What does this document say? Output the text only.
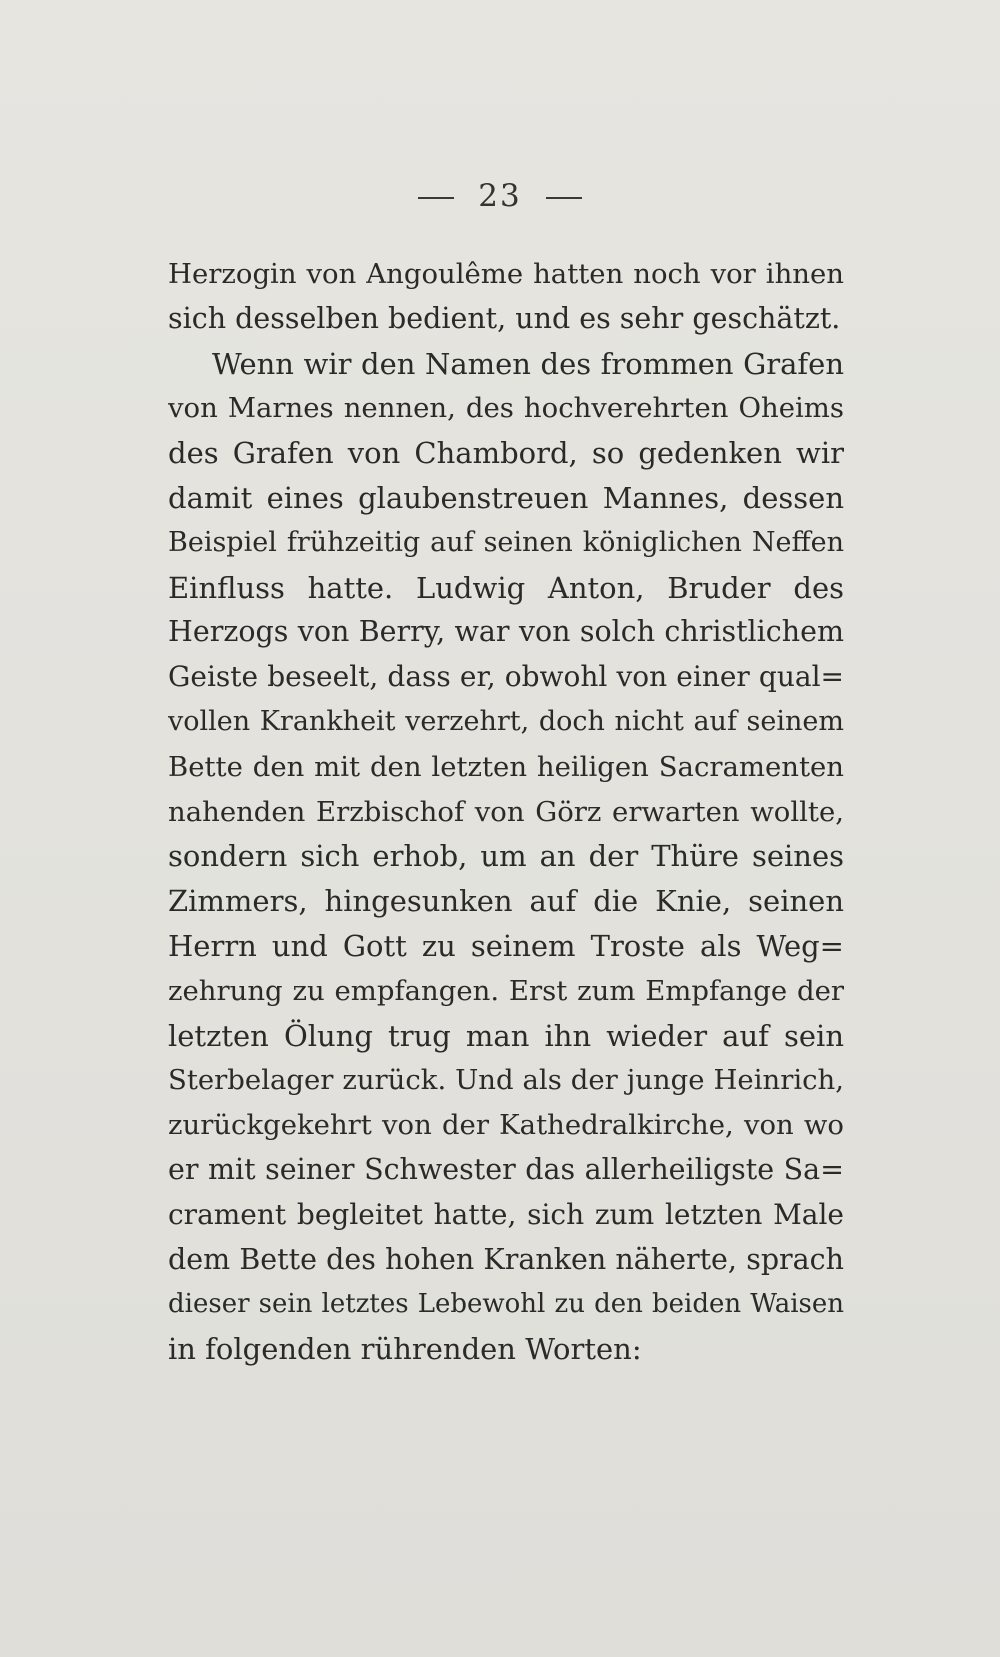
23
Herzogin von Angoulême hatten noch vor ihnen
sich desselben bedient, und es sehr geschätzt.
Wenn wir den Namen des frommen Grafen
von Marnes nennen, des hochverehrten Oheims
des Grafen von Chambord, so gedenken wir
damit eines glaubenstreuen Mannes, dessen
Beispiel frühzeitig auf seinen königlichen Neffen
Einfluss hatte. Ludwig Anton, Bruder des
Herzogs von Berry, war von solch christlichem
Geiste beseelt, dass er, obwohl von einer qual=
vollen Krankheit verzehrt, doch nicht auf seinem
Bette den mit den letzten heiligen Sacramenten
nahenden Erzbischof von Görz erwarten wollte,
sondern sich erhob, um an der Thüre seines
Zimmers, hingesunken auf die Knie, seinen
Herrn und Gott zu seinem Troste als Weg=
zehrung zu empfangen. Erst zum Empfange der
letzten Ölung trug man ihn wieder auf sein
Sterbelager zurück. Und als der junge Heinrich,
zurückgekehrt von der Kathedralkirche, von wo
er mit seiner Schwester das allerheiligste Sa=
crament begleitet hatte, sich zum letzten Male
dem Bette des hohen Kranken näherte, sprach
dieser sein letztes Lebewohl zu den beiden Waisen
in folgenden rührenden Worten:
